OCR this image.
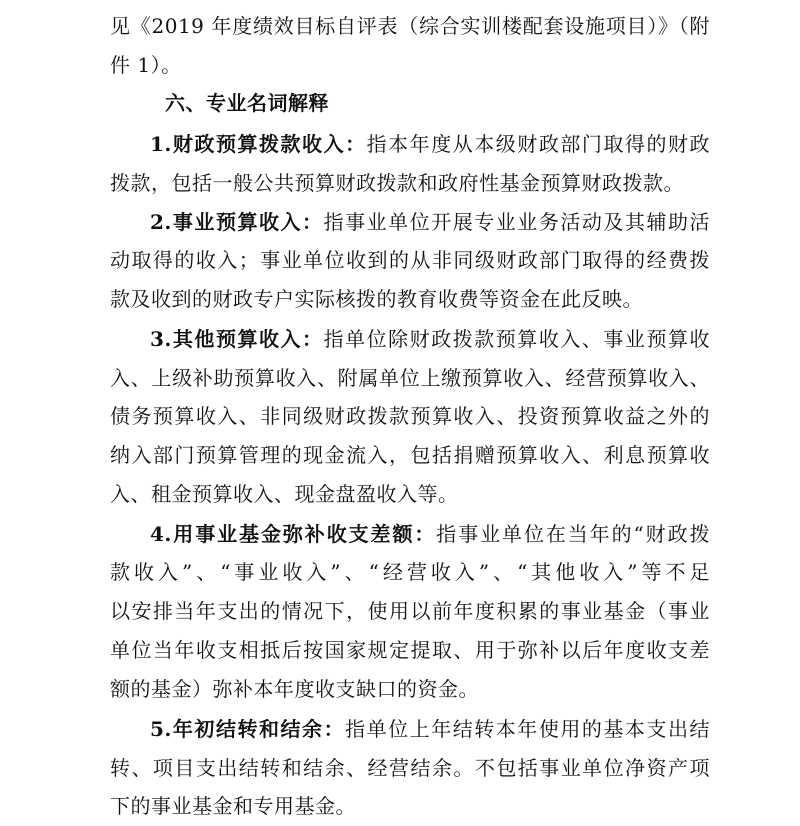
见《2019 年度绩效目标自评表（综合实训楼配套设施项目）》（附
件 1）。
六、专业名词解释
1.财政预算拨款收入：指本年度从本级财政部门取得的财政
拨款，包括一般公共预算财政拨款和政府性基金预算财政拨款。
2.事业预算收入：指事业单位开展专业业务活动及其辅助活
动取得的收入；事业单位收到的从非同级财政部门取得的经费拨
款及收到的财政专户实际核拨的教育收费等资金在此反映。
3.其他预算收入：指单位除财政拨款预算收入、事业预算收
入、上级补助预算收入、附属单位上缴预算收入、经营预算收入、
债务预算收入、非同级财政拨款预算收入、投资预算收益之外的
纳入部门预算管理的现金流入，包括捐赠预算收入、利息预算收
入、租金预算收入、现金盘盈收入等。
4.用事业基金弥补收支差额：指事业单位在当年的“财政拨
款收入”、“事业收入”、“经营收入”、“其他收入”等不足
以安排当年支出的情况下，使用以前年度积累的事业基金（事业
单位当年收支相抵后按国家规定提取、用于弥补以后年度收支差
额的基金）弥补本年度收支缺口的资金。
5.年初结转和结余：指单位上年结转本年使用的基本支出结
转、项目支出结转和结余、经营结余。不包括事业单位净资产项
下的事业基金和专用基金。
